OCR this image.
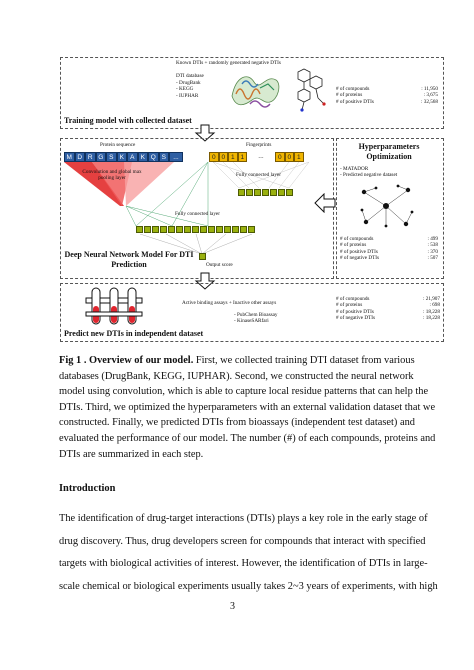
Known DTIs + randomly generated negative DTIs
DTI database
- DrugBank
- KEGG
- IUPHAR
# of compounds	: 11,950
# of proteins	: 3,675
# of positive DTIs	: 32,568
Training model with collected dataset
Protein sequence
M D R G S K A K Q S	...
Convolution and global max pooling layer
Fingerprints
0 0 1 1	...	0 0 1
Fully connected layer
Fully connected layer
Output score
Deep Neural Network Model For DTI Prediction
Hyperparameters Optimization
- MATADOR
- Predicted negative dataset
# of compounds	: 499
# of proteins	: 538
# of positive DTIs	: 370
# of negative DTIs	: 507
Active binding assays + Inactive other assays
- PubChem Bioassay
- KinaseSARfari
# of compounds	: 21,907
# of proteins	: 698
# of positive DTIs	: 18,228
# of negative DTIs	: 18,228
Predict new DTIs in independent dataset
Fig 1 . Overview of our model. First, we collected training DTI dataset from various databases (DrugBank, KEGG, IUPHAR). Second, we constructed the neural network model using convolution, which is able to capture local residue patterns that can help the DTIs. Third, we optimized the hyperparameters with an external validation dataset that we constructed. Finally, we predicted DTIs from bioassays (independent test dataset) and evaluated the performance of our model. The number (#) of each compounds, proteins and DTIs are summarized in each step.
Introduction
The identification of drug-target interactions (DTIs) plays a key role in the early stage of drug discovery. Thus, drug developers screen for compounds that interact with specified targets with biological activities of interest. However, the identification of DTIs in large-scale chemical or biological experiments usually takes 2~3 years of experiments, with high
3
